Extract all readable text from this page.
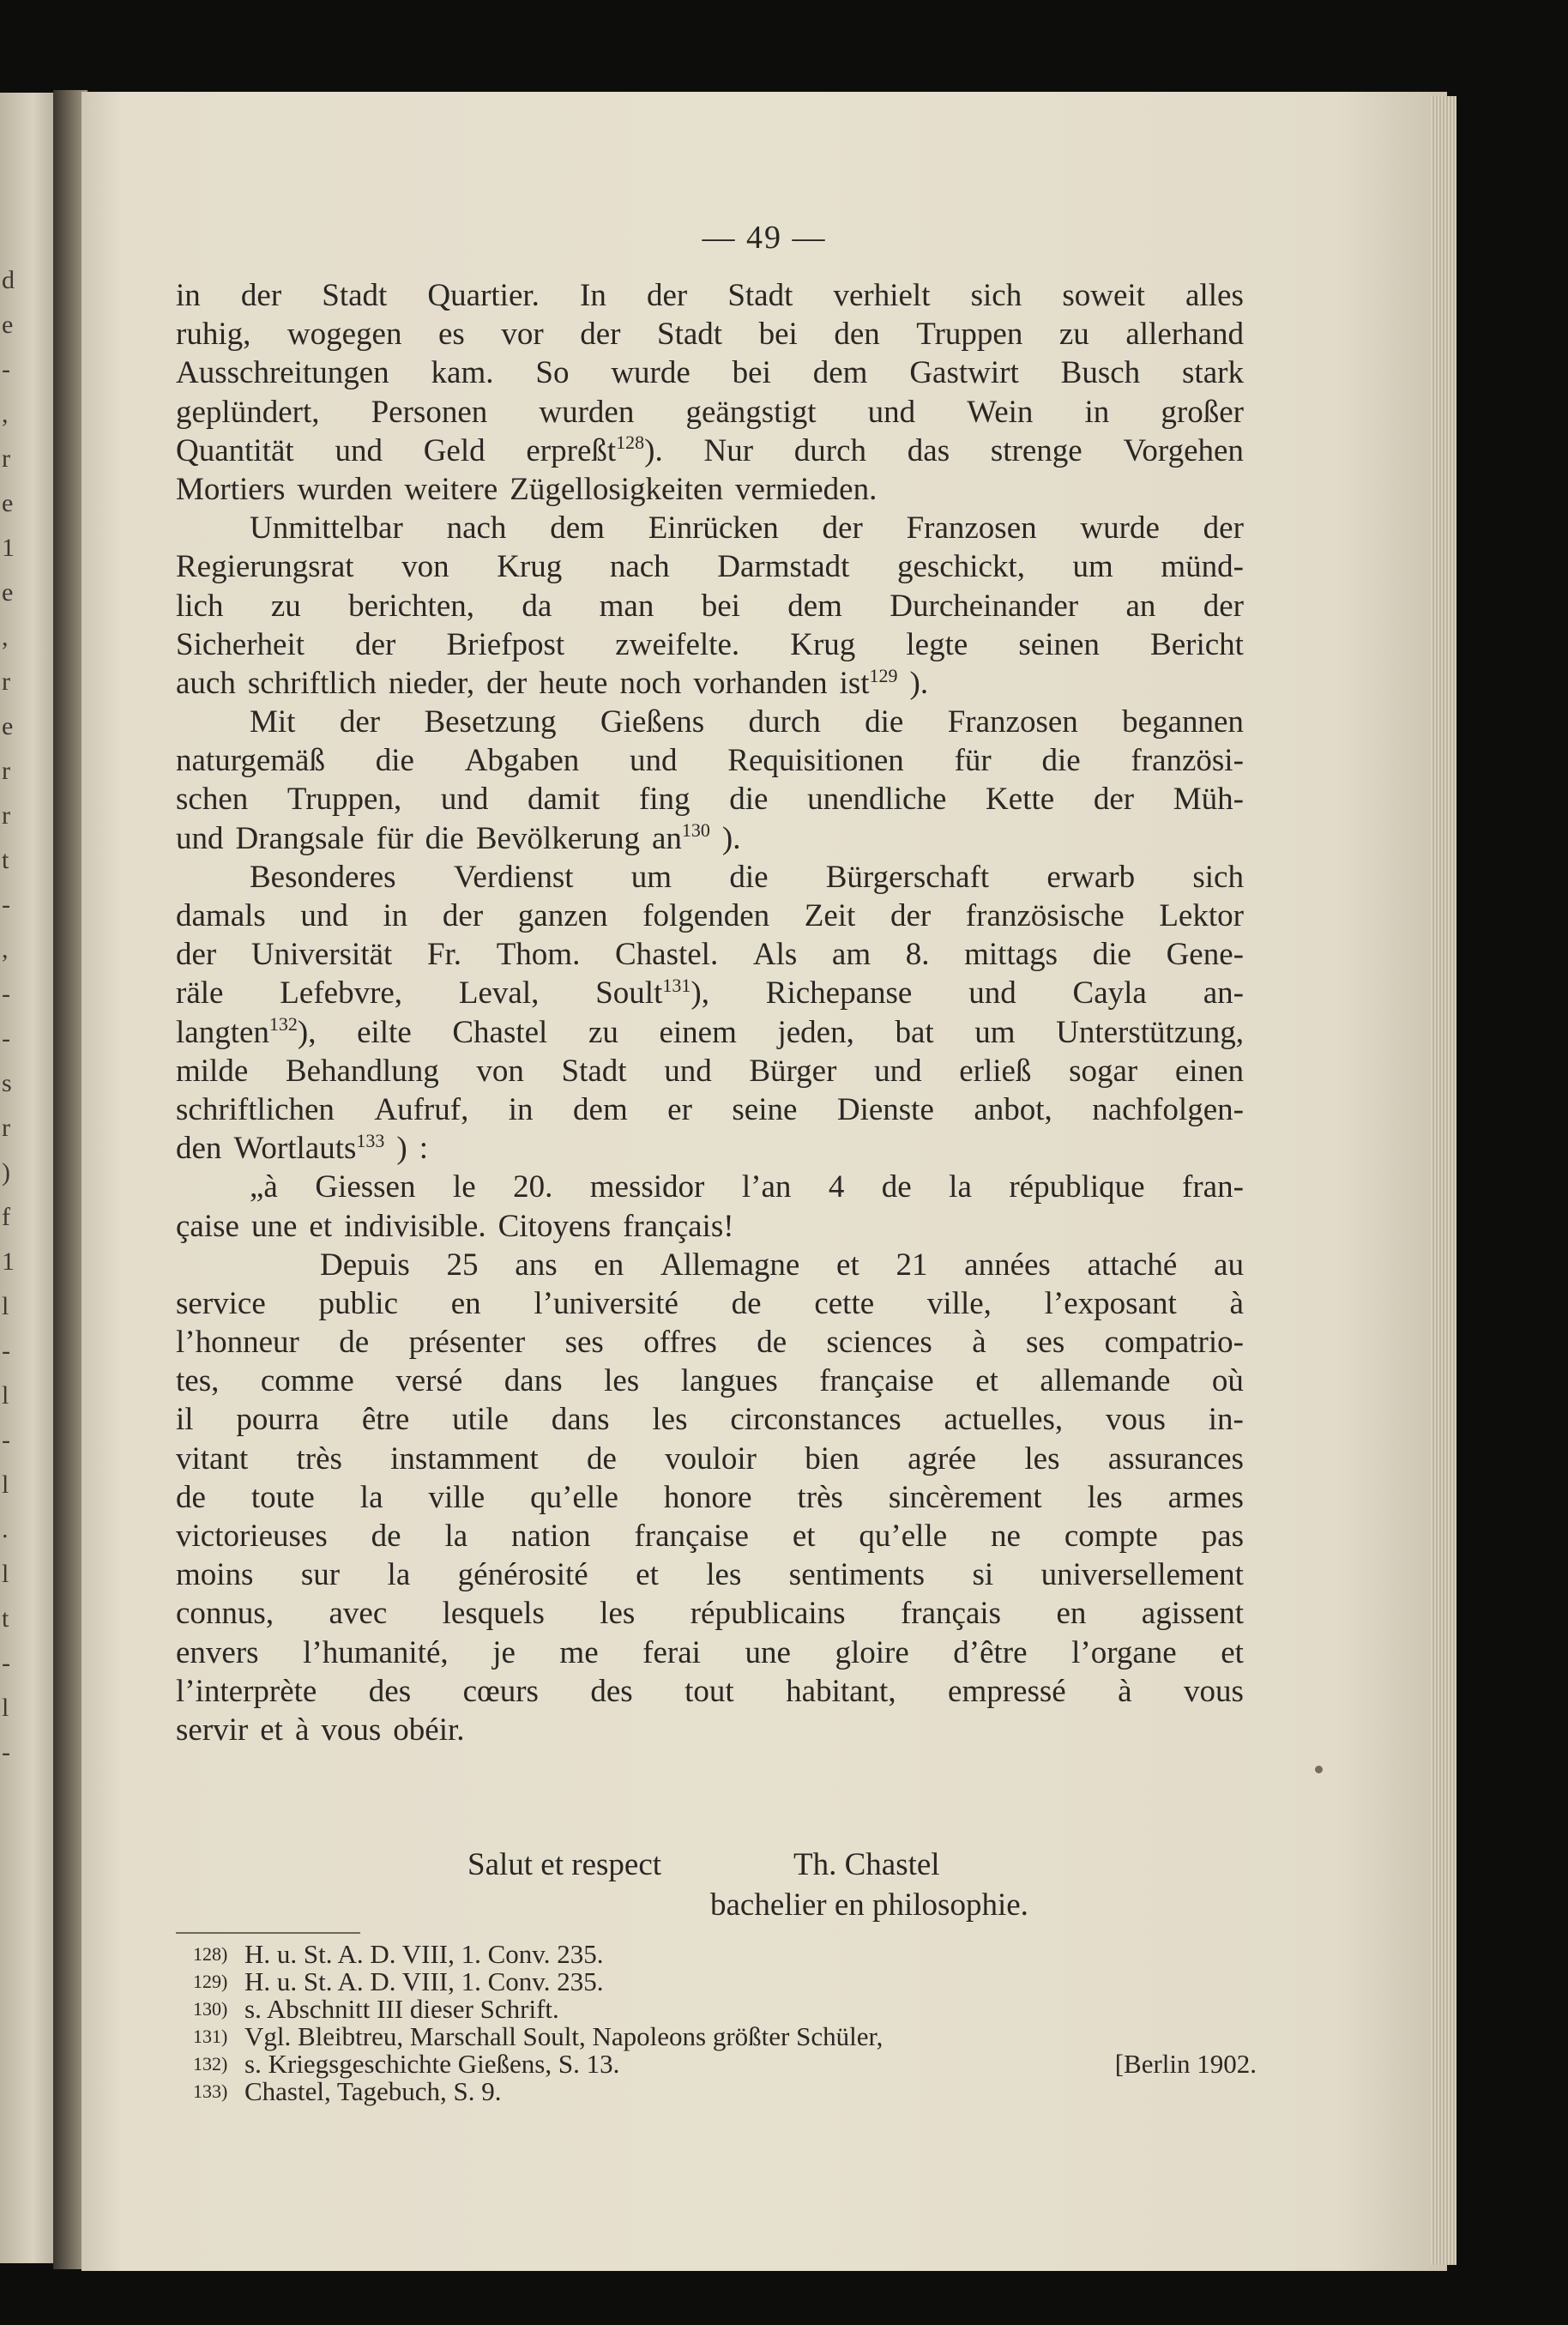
d
e
-
,
r
e
1
e
,
r
e
r
r
t
-
,
-
-
s
r
)
f
1
l
-
l
-
l
.
l
t
-
l
-
— 49 —
in der Stadt Quartier. In der Stadt verhielt sich soweit alles
ruhig, wogegen es vor der Stadt bei den Truppen zu allerhand
Ausschreitungen kam. So wurde bei dem Gastwirt Busch stark
geplündert, Personen wurden geängstigt und Wein in großer
Quantität und Geld erpreßt128). Nur durch das strenge Vorgehen
Mortiers wurden weitere Zügellosigkeiten vermieden.
Unmittelbar nach dem Einrücken der Franzosen wurde der
Regierungsrat von Krug nach Darmstadt geschickt, um münd-
lich zu berichten, da man bei dem Durcheinander an der
Sicherheit der Briefpost zweifelte. Krug legte seinen Bericht
auch schriftlich nieder, der heute noch vorhanden ist129 ).
Mit der Besetzung Gießens durch die Franzosen begannen
naturgemäß die Abgaben und Requisitionen für die französi-
schen Truppen, und damit fing die unendliche Kette der Müh-
und Drangsale für die Bevölkerung an130 ).
Besonderes Verdienst um die Bürgerschaft erwarb sich
damals und in der ganzen folgenden Zeit der französische Lektor
der Universität Fr. Thom. Chastel. Als am 8. mittags die Gene-
räle Lefebvre, Leval, Soult131), Richepanse und Cayla an-
langten132), eilte Chastel zu einem jeden, bat um Unterstützung,
milde Behandlung von Stadt und Bürger und erließ sogar einen
schriftlichen Aufruf, in dem er seine Dienste anbot, nachfolgen-
den Wortlauts133 ) :
„à Giessen le 20. messidor l’an 4 de la république fran-
çaise une et indivisible. Citoyens français!
Depuis 25 ans en Allemagne et 21 années attaché au
service public en l’université de cette ville, l’exposant à
l’honneur de présenter ses offres de sciences à ses compatrio-
tes, comme versé dans les langues française et allemande où
il pourra être utile dans les circonstances actuelles, vous in-
vitant très instamment de vouloir bien agrée les assurances
de toute la ville qu’elle honore très sincèrement les armes
victorieuses de la nation française et qu’elle ne compte pas
moins sur la générosité et les sentiments si universellement
connus, avec lesquels les républicains français en agissent
envers l’humanité, je me ferai une gloire d’être l’organe et
l’interprète des cœurs des tout habitant, empressé à vous
servir et à vous obéir.
Salut et respect	Th. Chastel
bachelier en philosophie.
128) H. u. St. A. D. VIII, 1. Conv. 235.
129) H. u. St. A. D. VIII, 1. Conv. 235.
130) s. Abschnitt III dieser Schrift.
131) Vgl. Bleibtreu, Marschall Soult, Napoleons größter Schüler,
132) s. Kriegsgeschichte Gießens, S. 13.	[Berlin 1902.
133) Chastel, Tagebuch, S. 9.
